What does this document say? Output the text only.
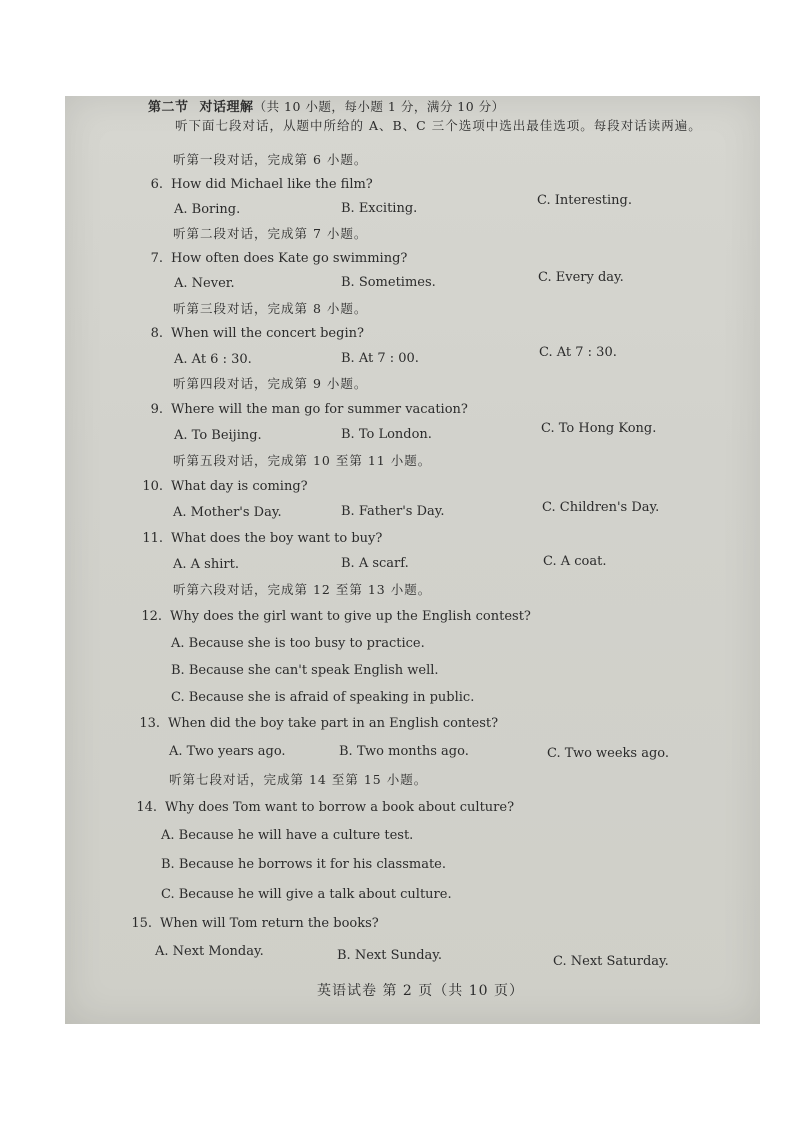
第二节 对话理解（共 10 小题，每小题 1 分，满分 10 分）
听下面七段对话，从题中所给的 A、B、C 三个选项中选出最佳选项。每段对话读两遍。
听第一段对话，完成第 6 小题。
6. How did Michael like the film?
A. Boring.	B. Exciting.
C. Interesting.
听第二段对话，完成第 7 小题。
7. How often does Kate go swimming?
A. Never.	B. Sometimes.	C. Every day.
听第三段对话，完成第 8 小题。
8. When will the concert begin?
A. At 6 : 30.	B. At 7 : 00.	C. At 7 : 30.
听第四段对话，完成第 9 小题。
9. Where will the man go for summer vacation?
A. To Beijing.	B. To London.	C. To Hong Kong.
听第五段对话，完成第 10 至第 11 小题。
10. What day is coming?
A. Mother's Day.	B. Father's Day.	C. Children's Day.
11. What does the boy want to buy?
A. A shirt.	B. A scarf.	C. A coat.
听第六段对话，完成第 12 至第 13 小题。
12. Why does the girl want to give up the English contest?
A. Because she is too busy to practice.
B. Because she can't speak English well.
C. Because she is afraid of speaking in public.
13. When did the boy take part in an English contest?
A. Two years ago.	B. Two months ago.	C. Two weeks ago.
听第七段对话，完成第 14 至第 15 小题。
14. Why does Tom want to borrow a book about culture?
A. Because he will have a culture test.
B. Because he borrows it for his classmate.
C. Because he will give a talk about culture.
15. When will Tom return the books?
A. Next Monday.	B. Next Sunday.	C. Next Saturday.
英语试卷 第 2 页（共 10 页）
